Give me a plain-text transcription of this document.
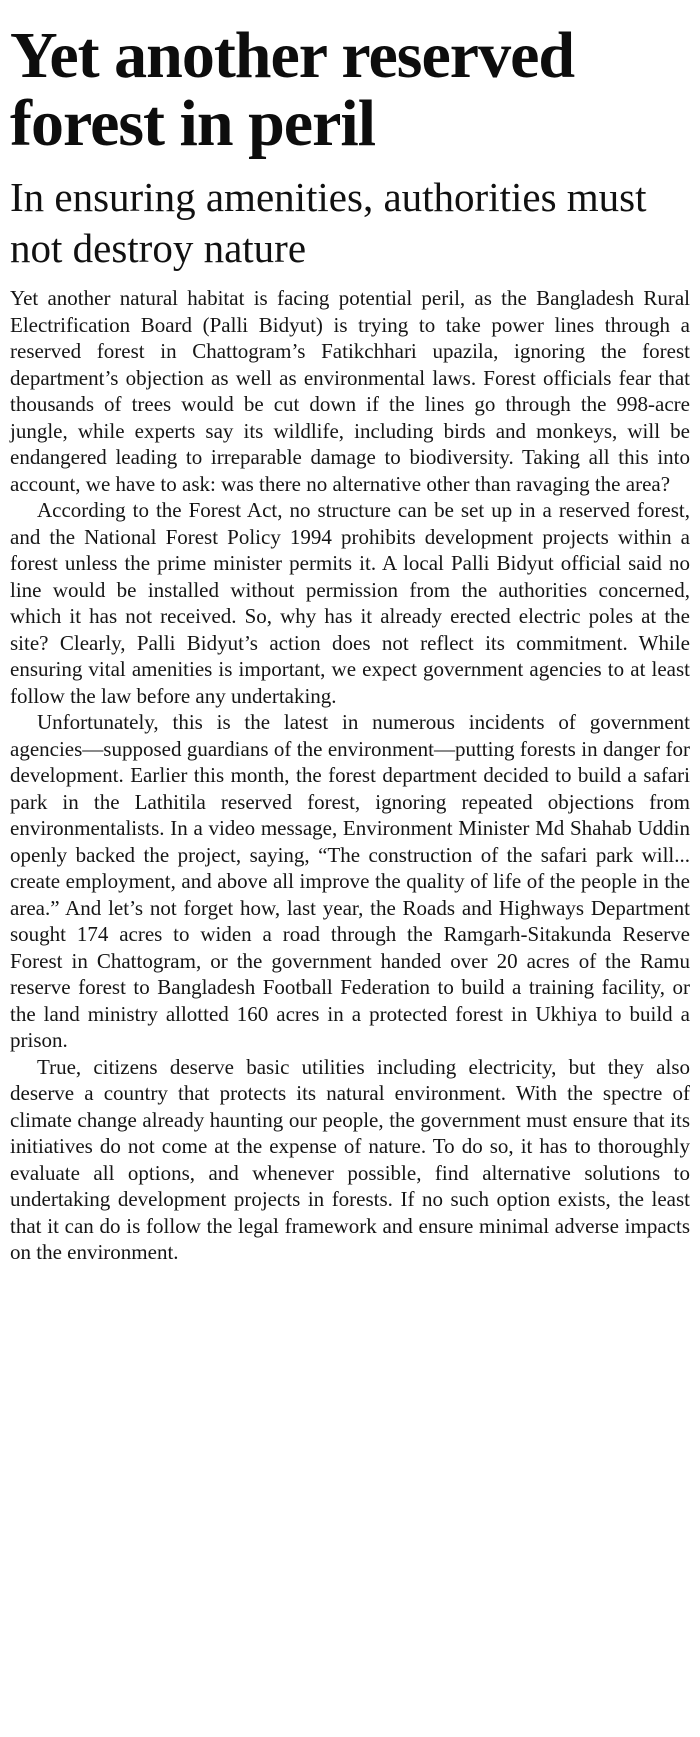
Yet another reserved forest in peril
In ensuring amenities, authorities must not destroy nature

Yet another natural habitat is facing potential peril, as the Bangladesh Rural Electrification Board (Palli Bidyut) is trying to take power lines through a reserved forest in Chattogram’s Fatikchhari upazila, ignoring the forest department’s objection as well as environmental laws. Forest officials fear that thousands of trees would be cut down if the lines go through the 998-acre jungle, while experts say its wildlife, including birds and monkeys, will be endangered leading to irreparable damage to biodiversity. Taking all this into account, we have to ask: was there no alternative other than ravaging the area?

According to the Forest Act, no structure can be set up in a reserved forest, and the National Forest Policy 1994 prohibits development projects within a forest unless the prime minister permits it. A local Palli Bidyut official said no line would be installed without permission from the authorities concerned, which it has not received. So, why has it already erected electric poles at the site? Clearly, Palli Bidyut’s action does not reflect its commitment. While ensuring vital amenities is important, we expect government agencies to at least follow the law before any undertaking.

Unfortunately, this is the latest in numerous incidents of government agencies—supposed guardians of the environment—putting forests in danger for development. Earlier this month, the forest department decided to build a safari park in the Lathitila reserved forest, ignoring repeated objections from environmentalists. In a video message, Environment Minister Md Shahab Uddin openly backed the project, saying, “The construction of the safari park will... create employment, and above all improve the quality of life of the people in the area.” And let’s not forget how, last year, the Roads and Highways Department sought 174 acres to widen a road through the Ramgarh-Sitakunda Reserve Forest in Chattogram, or the government handed over 20 acres of the Ramu reserve forest to Bangladesh Football Federation to build a training facility, or the land ministry allotted 160 acres in a protected forest in Ukhiya to build a prison.

True, citizens deserve basic utilities including electricity, but they also deserve a country that protects its natural environment. With the spectre of climate change already haunting our people, the government must ensure that its initiatives do not come at the expense of nature. To do so, it has to thoroughly evaluate all options, and whenever possible, find alternative solutions to undertaking development projects in forests. If no such option exists, the least that it can do is follow the legal framework and ensure minimal adverse impacts on the environment.
